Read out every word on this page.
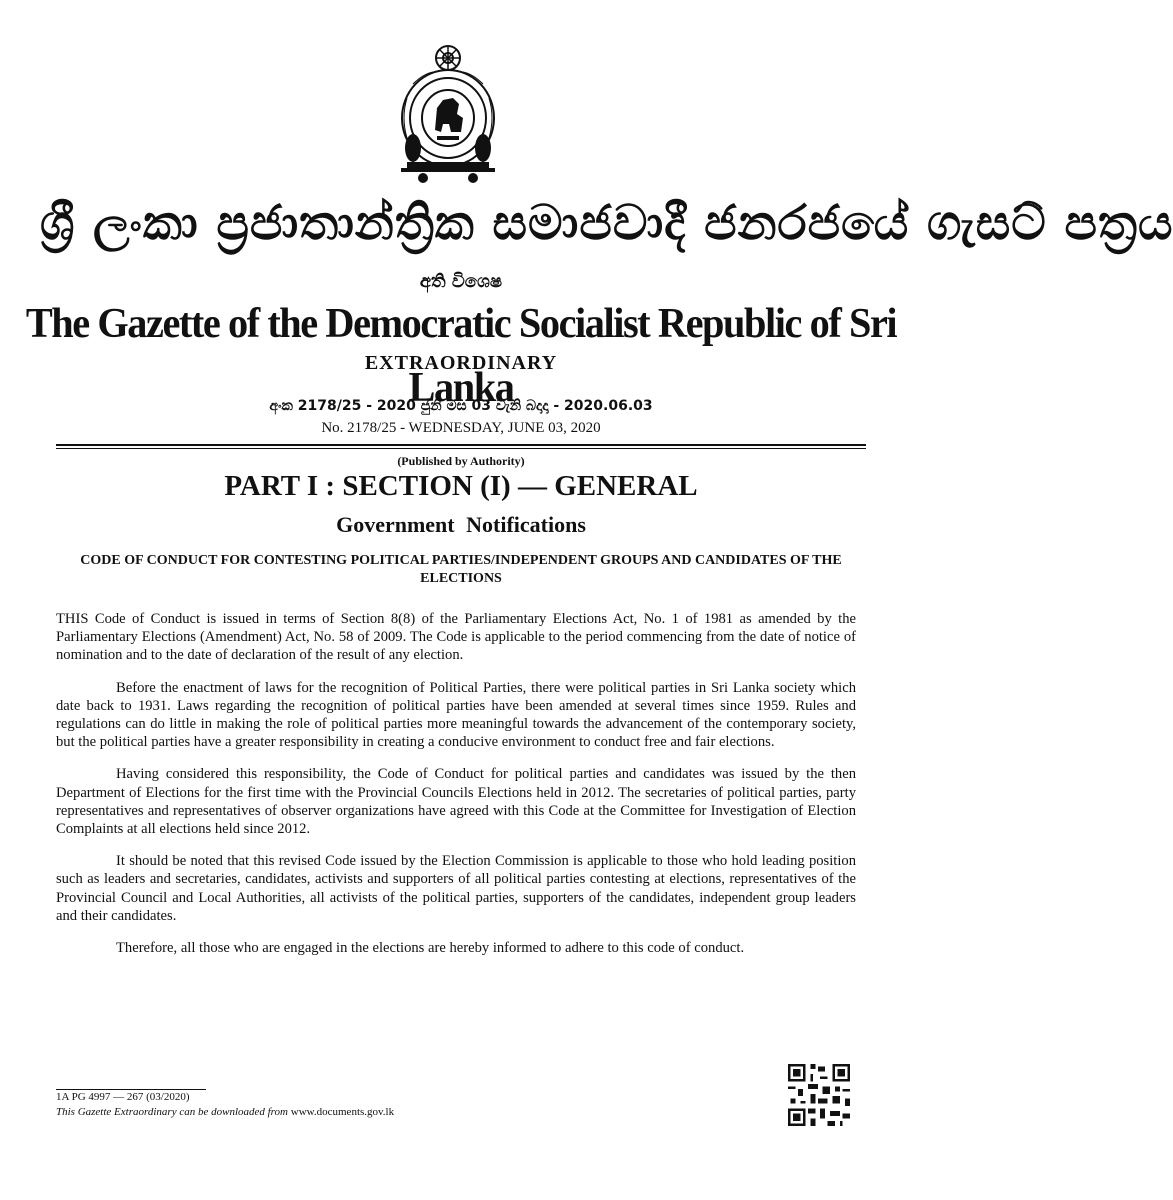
ශ්‍රී ලංකා ප්‍රජාතාන්ත්‍රික සමාජවාදී ජනරජයේ ගැසට් පත්‍රය
අති විශෙෂ
The Gazette of the Democratic Socialist Republic of Sri Lanka
EXTRAORDINARY
අංක 2178/25 - 2020 ජුනි මස 03 වැනි බදාදා - 2020.06.03
No. 2178/25 - WEDNESDAY, JUNE 03, 2020
(Published by Authority)
PART I : SECTION (I) — GENERAL
Government Notifications
CODE OF CONDUCT FOR CONTESTING POLITICAL PARTIES/INDEPENDENT GROUPS AND CANDIDATES OF THE ELECTIONS

THIS Code of Conduct is issued in terms of Section 8(8) of the Parliamentary Elections Act, No. 1 of 1981 as amended by the Parliamentary Elections (Amendment) Act, No. 58 of 2009. The Code is applicable to the period commencing from the date of notice of nomination and to the date of declaration of the result of any election.

Before the enactment of laws for the recognition of Political Parties, there were political parties in Sri Lanka society which date back to 1931. Laws regarding the recognition of political parties have been amended at several times since 1959. Rules and regulations can do little in making the role of political parties more meaningful towards the advancement of the contemporary society, but the political parties have a greater responsibility in creating a conducive environment to conduct free and fair elections.

Having considered this responsibility, the Code of Conduct for political parties and candidates was issued by the then Department of Elections for the first time with the Provincial Councils Elections held in 2012. The secretaries of political parties, party representatives and representatives of observer organizations have agreed with this Code at the Committee for Investigation of Election Complaints at all elections held since 2012.

It should be noted that this revised Code issued by the Election Commission is applicable to those who hold leading position such as leaders and secretaries, candidates, activists and supporters of all political parties contesting at elections, representatives of the Provincial Council and Local Authorities, all activists of the political parties, supporters of the candidates, independent group leaders and their candidates.

Therefore, all those who are engaged in the elections are hereby informed to adhere to this code of conduct.

1A PG 4997 — 267 (03/2020)
This Gazette Extraordinary can be downloaded from www.documents.gov.lk
